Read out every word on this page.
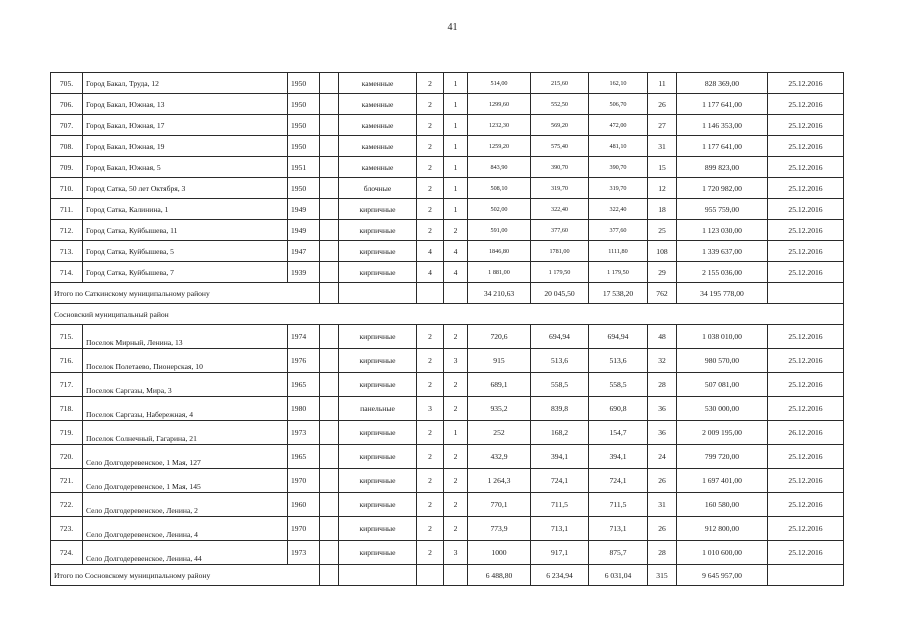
41
705.	Город Бакал, Труда, 12	1950		каменные	2	1	514,00	215,60	162,10	11	828 369,00	25.12.2016
706.	Город Бакал, Южная, 13	1950		каменные	2	1	1299,60	552,50	506,70	26	1 177 641,00	25.12.2016
707.	Город Бакал, Южная, 17	1950		каменные	2	1	1232,30	569,20	472,00	27	1 146 353,00	25.12.2016
708.	Город Бакал, Южная, 19	1950		каменные	2	1	1259,20	575,40	481,10	31	1 177 641,00	25.12.2016
709.	Город Бакал, Южная, 5	1951		каменные	2	1	843,90	390,70	390,70	15	899 823,00	25.12.2016
710.	Город Сатка, 50 лет Октября, 3	1950		блочные	2	1	508,10	319,70	319,70	12	1 720 982,00	25.12.2016
711.	Город Сатка, Калинина, 1	1949		кирпичные	2	1	502,00	322,40	322,40	18	955 759,00	25.12.2016
712.	Город Сатка, Куйбышева, 11	1949		кирпичные	2	2	591,00	377,60	377,60	25	1 123 030,00	25.12.2016
713.	Город Сатка, Куйбышева, 5	1947		кирпичные	4	4	1846,80	1781,00	1111,80	108	1 339 637,00	25.12.2016
714.	Город Сатка, Куйбышева, 7	1939		кирпичные	4	4	1 881,00	1 179,50	1 179,50	29	2 155 036,00	25.12.2016
Итого по Саткинскому муниципальному району							34 210,63	20 045,50	17 538,20	762	34 195 778,00	
Сосновский муниципальный район												
715.	Поселок Мирный, Ленина, 13	1974		кирпичные	2	2	720,6	694,94	694,94	48	1 038 010,00	25.12.2016
716.	Поселок Полетаево, Пионерская, 10	1976		кирпичные	2	3	915	513,6	513,6	32	980 570,00	25.12.2016
717.	Поселок Саргазы, Мира, 3	1965		кирпичные	2	2	689,1	558,5	558,5	28	507 081,00	25.12.2016
718.	Поселок Саргазы, Набережная, 4	1980		панельные	3	2	935,2	839,8	690,8	36	530 000,00	25.12.2016
719.	Поселок Солнечный, Гагарина, 21	1973		кирпичные	2	1	252	168,2	154,7	36	2 009 195,00	26.12.2016
720.	Село Долгодеревенское, 1 Мая, 127	1965		кирпичные	2	2	432,9	394,1	394,1	24	799 720,00	25.12.2016
721.	Село Долгодеревенское, 1 Мая, 145	1970		кирпичные	2	2	1 264,3	724,1	724,1	26	1 697 401,00	25.12.2016
722.	Село Долгодеревенское, Ленина, 2	1960		кирпичные	2	2	770,1	711,5	711,5	31	160 580,00	25.12.2016
723.	Село Долгодеревенское, Ленина, 4	1970		кирпичные	2	2	773,9	713,1	713,1	26	912 800,00	25.12.2016
724.	Село Долгодеревенское, Ленина, 44	1973		кирпичные	2	3	1000	917,1	875,7	28	1 010 600,00	25.12.2016
Итого по Сосновскому муниципальному району							6 488,80	6 234,94	6 031,04	315	9 645 957,00	
